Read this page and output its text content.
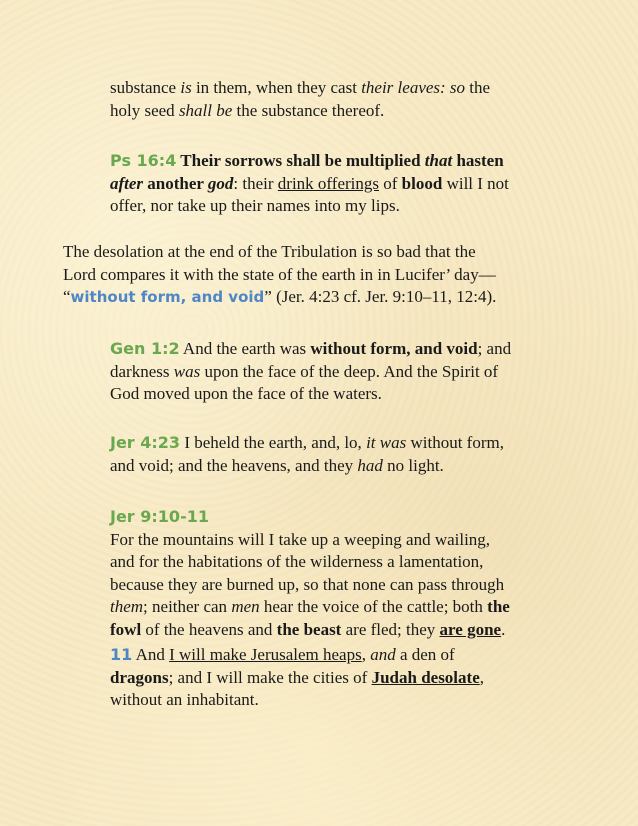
substance is in them, when they cast their leaves: so the

holy seed shall be the substance thereof.

Ps 16:4 Their sorrows shall be multiplied that hasten

after another god: their drink offerings of blood will I not

offer, nor take up their names into my lips.

The desolation at the end of the Tribulation is so bad that the

Lord compares it with the state of the earth in in Lucifer’ day—

“without form, and void” (Jer. 4:23 cf. Jer. 9:10–11, 12:4).

Gen 1:2 And the earth was without form, and void; and

darkness was upon the face of the deep. And the Spirit of

God moved upon the face of the waters.

Jer 4:23 I beheld the earth, and, lo, it was without form,

and void; and the heavens, and they had no light.

Jer 9:10-11

For the mountains will I take up a weeping and wailing,

and for the habitations of the wilderness a lamentation,

because they are burned up, so that none can pass through

them; neither can men hear the voice of the cattle; both the

fowl of the heavens and the beast are fled; they are gone.

11 And I will make Jerusalem heaps, and a den of

dragons; and I will make the cities of Judah desolate,

without an inhabitant.
